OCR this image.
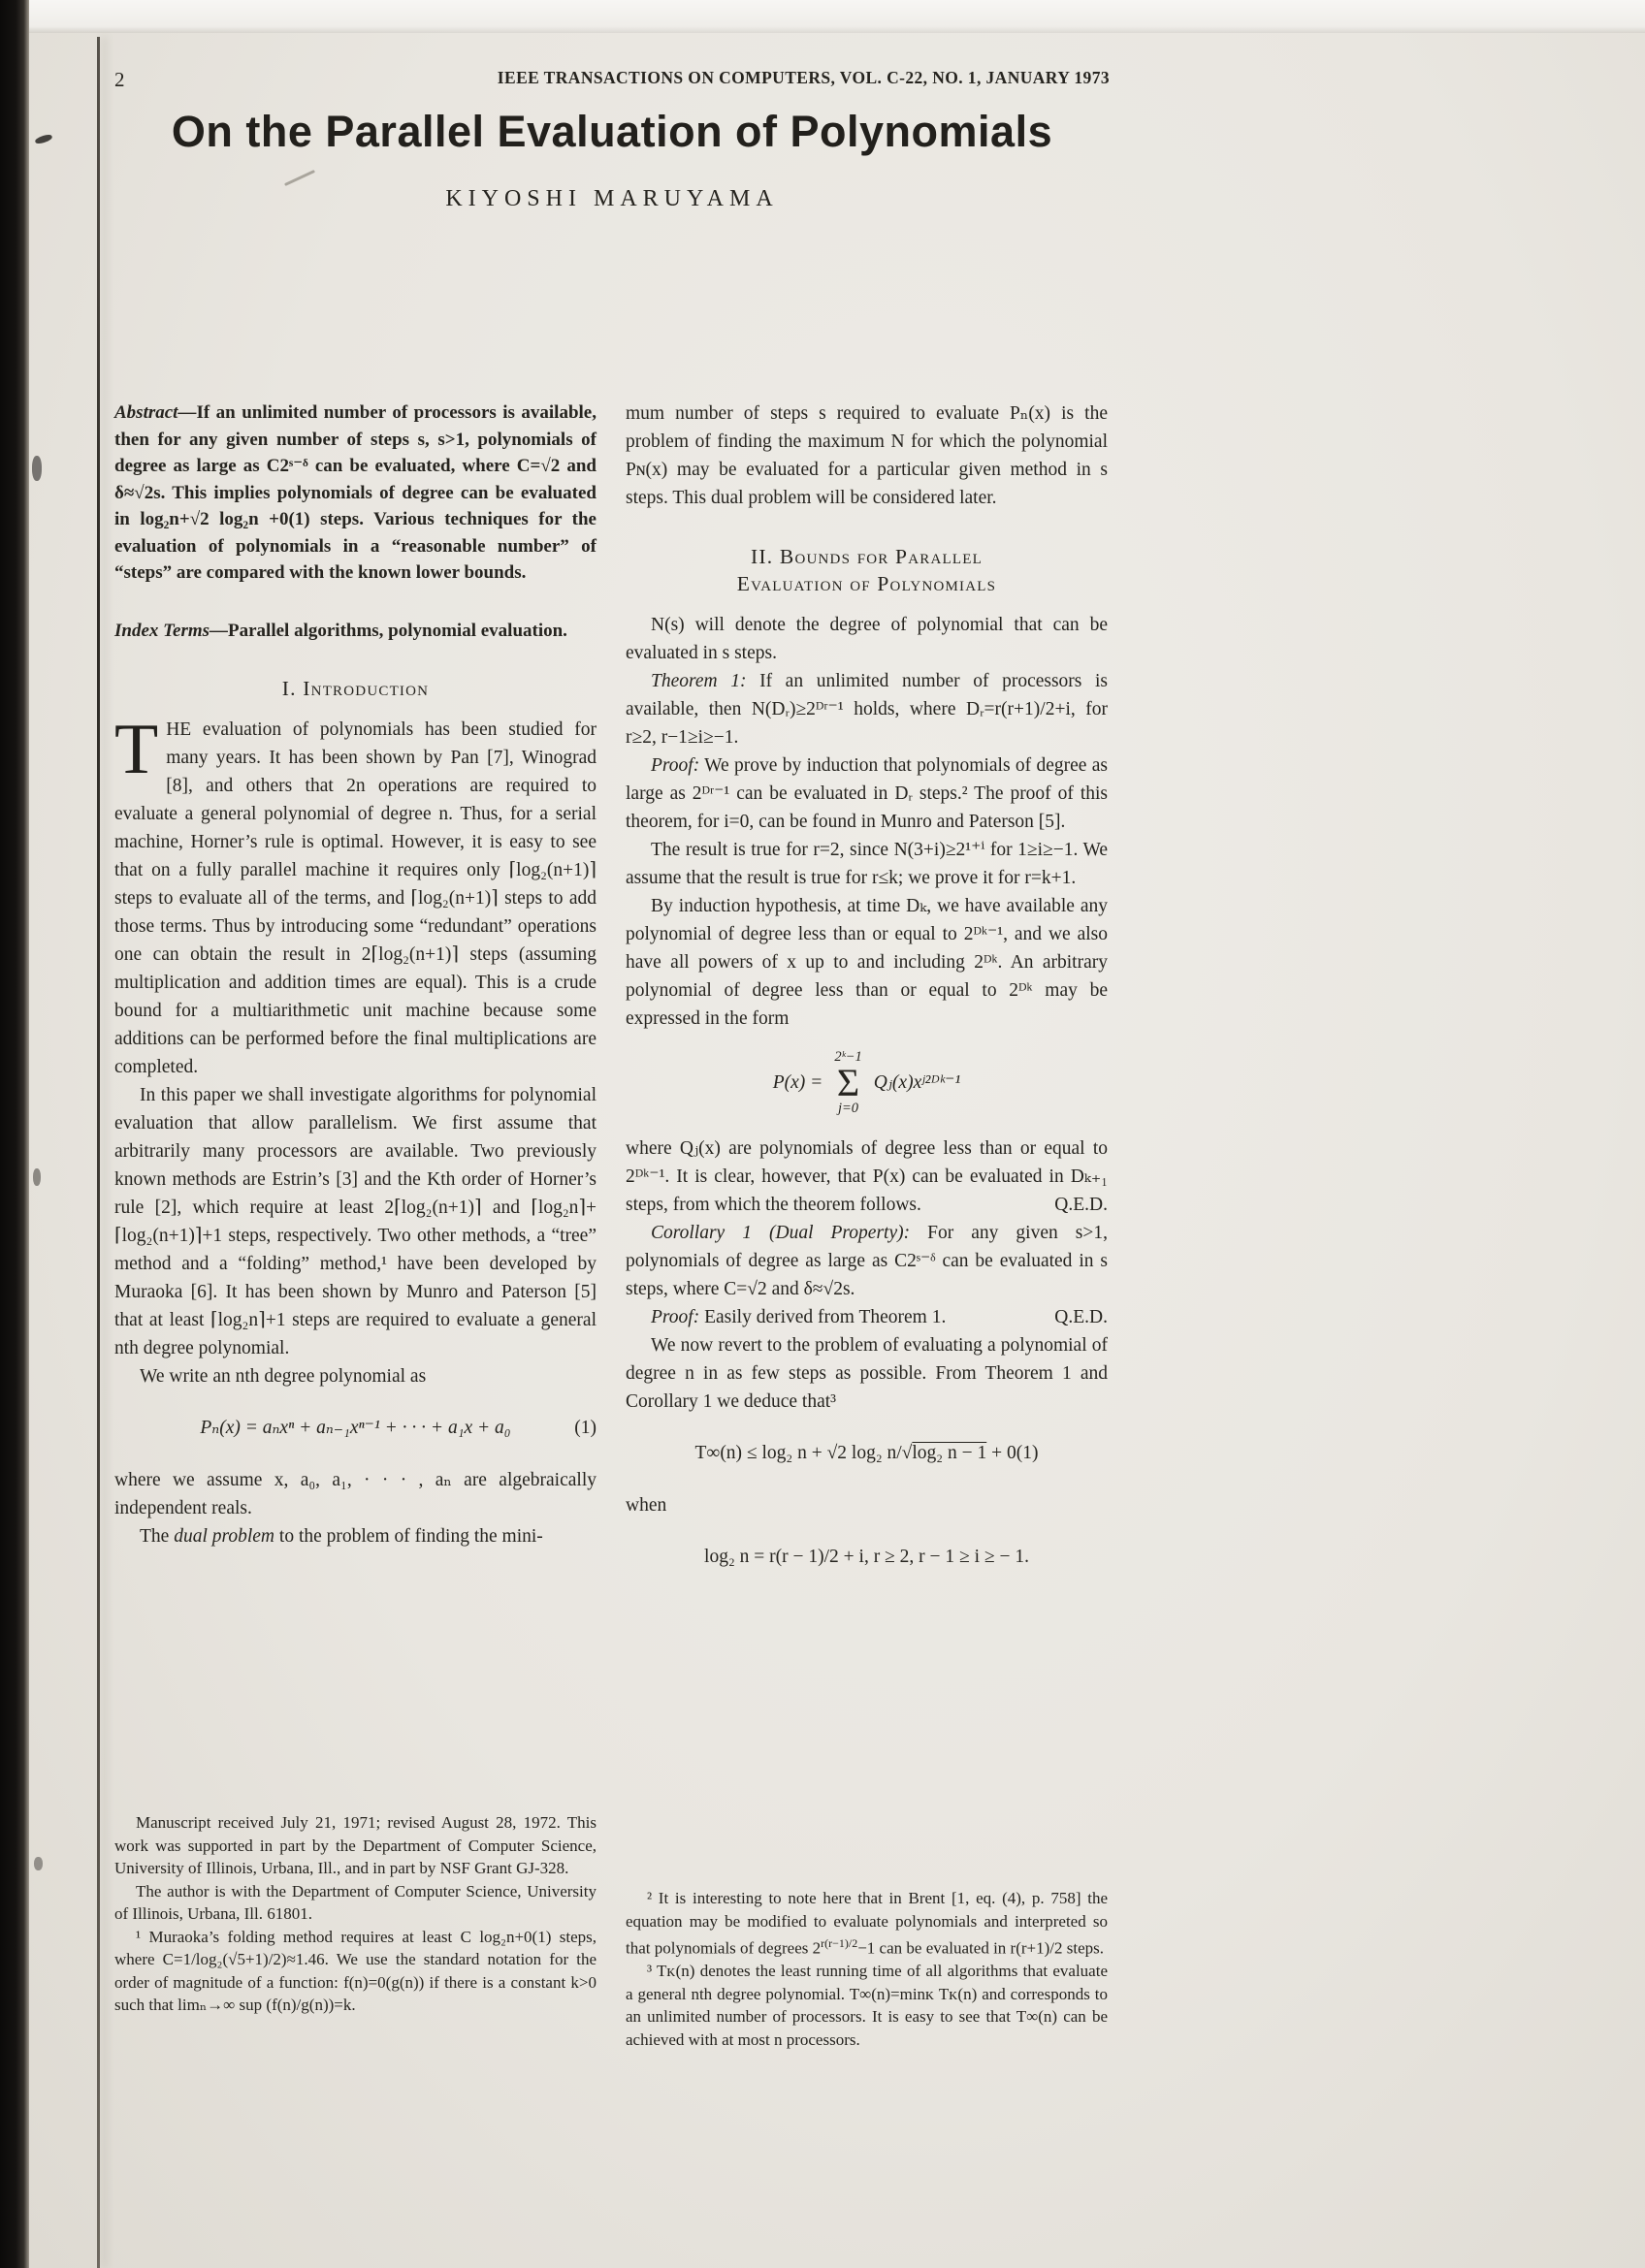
2	IEEE TRANSACTIONS ON COMPUTERS, VOL. C-22, NO. 1, JANUARY 1973
On the Parallel Evaluation of Polynomials
KIYOSHI MARUYAMA

Abstract—If an unlimited number of processors is available, then for any given number of steps s, s>1, polynomials of degree as large as C2ˢ⁻ᵟ can be evaluated, where C=√2 and δ≈√2s. This implies polynomials of degree can be evaluated in log₂n+√2 log₂n +0(1) steps. Various techniques for the evaluation of polynomials in a “reasonable number” of “steps” are compared with the known lower bounds.

Index Terms—Parallel algorithms, polynomial evaluation.

I. Introduction

THE evaluation of polynomials has been studied for many years. It has been shown by Pan [7], Winograd [8], and others that 2n operations are required to evaluate a general polynomial of degree n. Thus, for a serial machine, Horner’s rule is optimal. However, it is easy to see that on a fully parallel machine it requires only ⌈log₂(n+1)⌉ steps to evaluate all of the terms, and ⌈log₂(n+1)⌉ steps to add those terms. Thus by introducing some “redundant” operations one can obtain the result in 2⌈log₂(n+1)⌉ steps (assuming multiplication and addition times are equal). This is a crude bound for a multiarithmetic unit machine because some additions can be performed before the final multiplications are completed.

In this paper we shall investigate algorithms for polynomial evaluation that allow parallelism. We first assume that arbitrarily many processors are available. Two previously known methods are Estrin’s [3] and the Kth order of Horner’s rule [2], which require at least 2⌈log₂(n+1)⌉ and ⌈log₂n⌉+⌈log₂(n+1)⌉+1 steps, respectively. Two other methods, a “tree” method and a “folding” method,¹ have been developed by Muraoka [6]. It has been shown by Munro and Paterson [5] that at least ⌈log₂n⌉+1 steps are required to evaluate a general nth degree polynomial.

We write an nth degree polynomial as

Pₙ(x) = aₙxⁿ + aₙ₋₁xⁿ⁻¹ + · · · + a₁x + a₀	(1)

where we assume x, a₀, a₁, · · · , aₙ are algebraically independent reals.

The dual problem to the problem of finding the mini-

Manuscript received July 21, 1971; revised August 28, 1972. This work was supported in part by the Department of Computer Science, University of Illinois, Urbana, Ill., and in part by NSF Grant GJ-328.

The author is with the Department of Computer Science, University of Illinois, Urbana, Ill. 61801.

¹ Muraoka’s folding method requires at least C log₂n+0(1) steps, where C=1/log₂(√5+1)/2)≈1.46. We use the standard notation for the order of magnitude of a function: f(n)=0(g(n)) if there is a constant k>0 such that limₙ→∞ sup (f(n)/g(n))=k.

mum number of steps s required to evaluate Pₙ(x) is the problem of finding the maximum N for which the polynomial Pɴ(x) may be evaluated for a particular given method in s steps. This dual problem will be considered later.

II. Bounds for Parallel
Evaluation of Polynomials

N(s) will denote the degree of polynomial that can be evaluated in s steps.

Theorem 1: If an unlimited number of processors is available, then N(Dᵣ)≥2ᴰʳ⁻¹ holds, where Dᵣ=r(r+1)/2+i, for r≥2, r−1≥i≥−1.

Proof: We prove by induction that polynomials of degree as large as 2ᴰʳ⁻¹ can be evaluated in Dᵣ steps.² The proof of this theorem, for i=0, can be found in Munro and Paterson [5].

The result is true for r=2, since N(3+i)≥2¹⁺ⁱ for 1≥i≥−1. We assume that the result is true for r≤k; we prove it for r=k+1.

By induction hypothesis, at time Dₖ, we have available any polynomial of degree less than or equal to 2ᴰᵏ⁻¹, and we also have all powers of x up to and including 2ᴰᵏ. An arbitrary polynomial of degree less than or equal to 2ᴰᵏ may be expressed in the form

P(x) =
2ᵏ−1
Σ
j=0
Qⱼ(x)xʲ²ᴰᵏ⁻¹

where Qⱼ(x) are polynomials of degree less than or equal to 2ᴰᵏ⁻¹. It is clear, however, that P(x) can be evaluated in Dₖ₊₁ steps, from which the theorem follows.	Q.E.D.

Corollary 1 (Dual Property): For any given s>1, polynomials of degree as large as C2ˢ⁻ᵟ can be evaluated in s steps, where C=√2 and δ≈√2s.

Proof: Easily derived from Theorem 1.	Q.E.D.

We now revert to the problem of evaluating a polynomial of degree n in as few steps as possible. From Theorem 1 and Corollary 1 we deduce that³

T∞(n) ≤ log₂ n + √2 log₂ n/√log₂ n − 1 + 0(1)

when

log₂ n = r(r − 1)/2 + i, r ≥ 2, r − 1 ≥ i ≥ − 1.

² It is interesting to note here that in Brent [1, eq. (4), p. 758] the equation may be modified to evaluate polynomials and interpreted so that polynomials of degrees $2^{r(r-1)/2}-1$ can be evaluated in r(r+1)/2 steps.

³ Tᴋ(n) denotes the least running time of all algorithms that evaluate a general nth degree polynomial. T∞(n)=minᴋ Tᴋ(n) and corresponds to an unlimited number of processors. It is easy to see that T∞(n) can be achieved with at most n processors.
